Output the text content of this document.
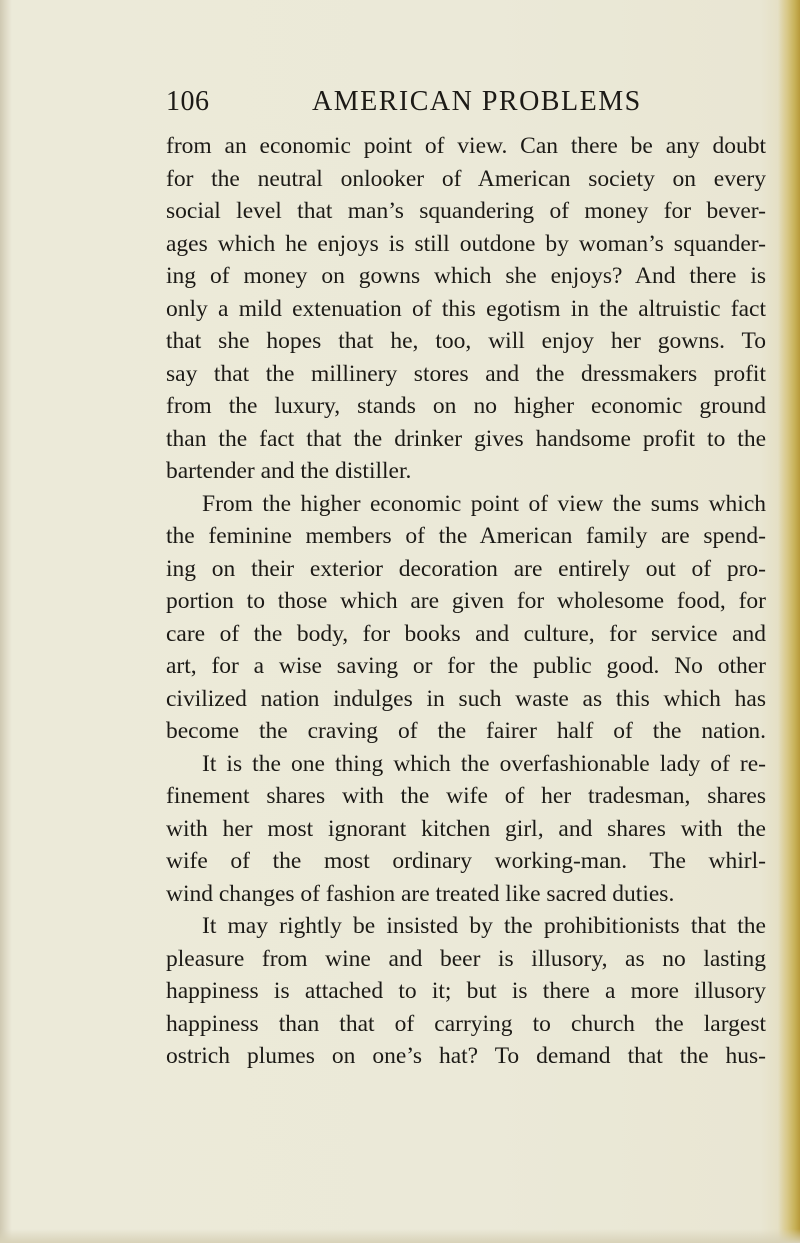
106	AMERICAN PROBLEMS
from an economic point of view. Can there be any doubt
for the neutral onlooker of American society on every
social level that man’s squandering of money for bever-
ages which he enjoys is still outdone by woman’s squander-
ing of money on gowns which she enjoys? And there is
only a mild extenuation of this egotism in the altruistic fact
that she hopes that he, too, will enjoy her gowns. To
say that the millinery stores and the dressmakers profit
from the luxury, stands on no higher economic ground
than the fact that the drinker gives handsome profit to the
bartender and the distiller.
From the higher economic point of view the sums which
the feminine members of the American family are spend-
ing on their exterior decoration are entirely out of pro-
portion to those which are given for wholesome food, for
care of the body, for books and culture, for service and
art, for a wise saving or for the public good. No other
civilized nation indulges in such waste as this which has
become the craving of the fairer half of the nation.
It is the one thing which the overfashionable lady of re-
finement shares with the wife of her tradesman, shares
with her most ignorant kitchen girl, and shares with the
wife of the most ordinary working-man. The whirl-
wind changes of fashion are treated like sacred duties.
It may rightly be insisted by the prohibitionists that the
pleasure from wine and beer is illusory, as no lasting
happiness is attached to it; but is there a more illusory
happiness than that of carrying to church the largest
ostrich plumes on one’s hat? To demand that the hus-
